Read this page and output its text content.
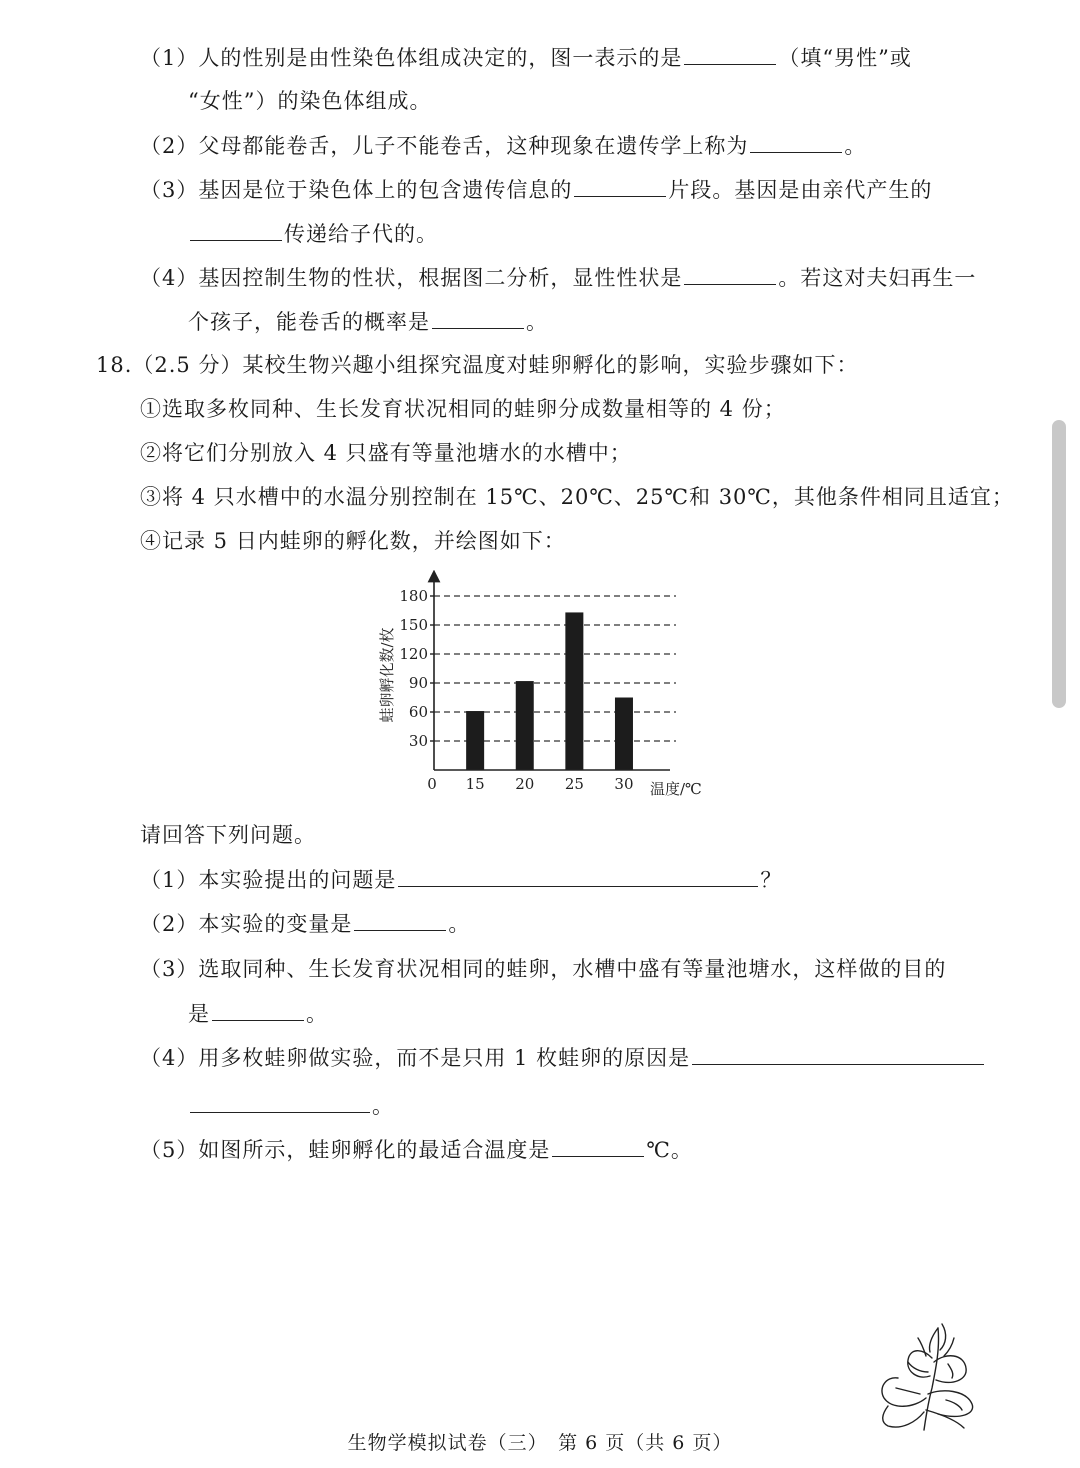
（1）人的性别是由性染色体组成决定的，图一表示的是	（填“男性”或
“女性”）的染色体组成。
（2）父母都能卷舌，儿子不能卷舌，这种现象在遗传学上称为	。
（3）基因是位于染色体上的包含遗传信息的	片段。基因是由亲代产生的
传递给子代的。
（4）基因控制生物的性状，根据图二分析，显性性状是	。若这对夫妇再生一
个孩子，能卷舌的概率是	。
18.（2.5 分）某校生物兴趣小组探究温度对蛙卵孵化的影响，实验步骤如下：
①选取多枚同种、生长发育状况相同的蛙卵分成数量相等的 4 份；
②将它们分别放入 4 只盛有等量池塘水的水槽中；
③将 4 只水槽中的水温分别控制在 15℃、20℃、25℃和 30℃，其他条件相同且适宜；
④记录 5 日内蛙卵的孵化数，并绘图如下：
30
60
90
120
150
180
15 20 25 30
蛙卵孵化数/枚
温度/℃
0
请回答下列问题。
（1）本实验提出的问题是	？
（2）本实验的变量是	。
（3）选取同种、生长发育状况相同的蛙卵，水槽中盛有等量池塘水，这样做的目的
是	。
（4）用多枚蛙卵做实验，而不是只用 1 枚蛙卵的原因是
。
（5）如图所示，蛙卵孵化的最适合温度是	℃。
生物学模拟试卷（三）　第 6 页（共 6 页）
